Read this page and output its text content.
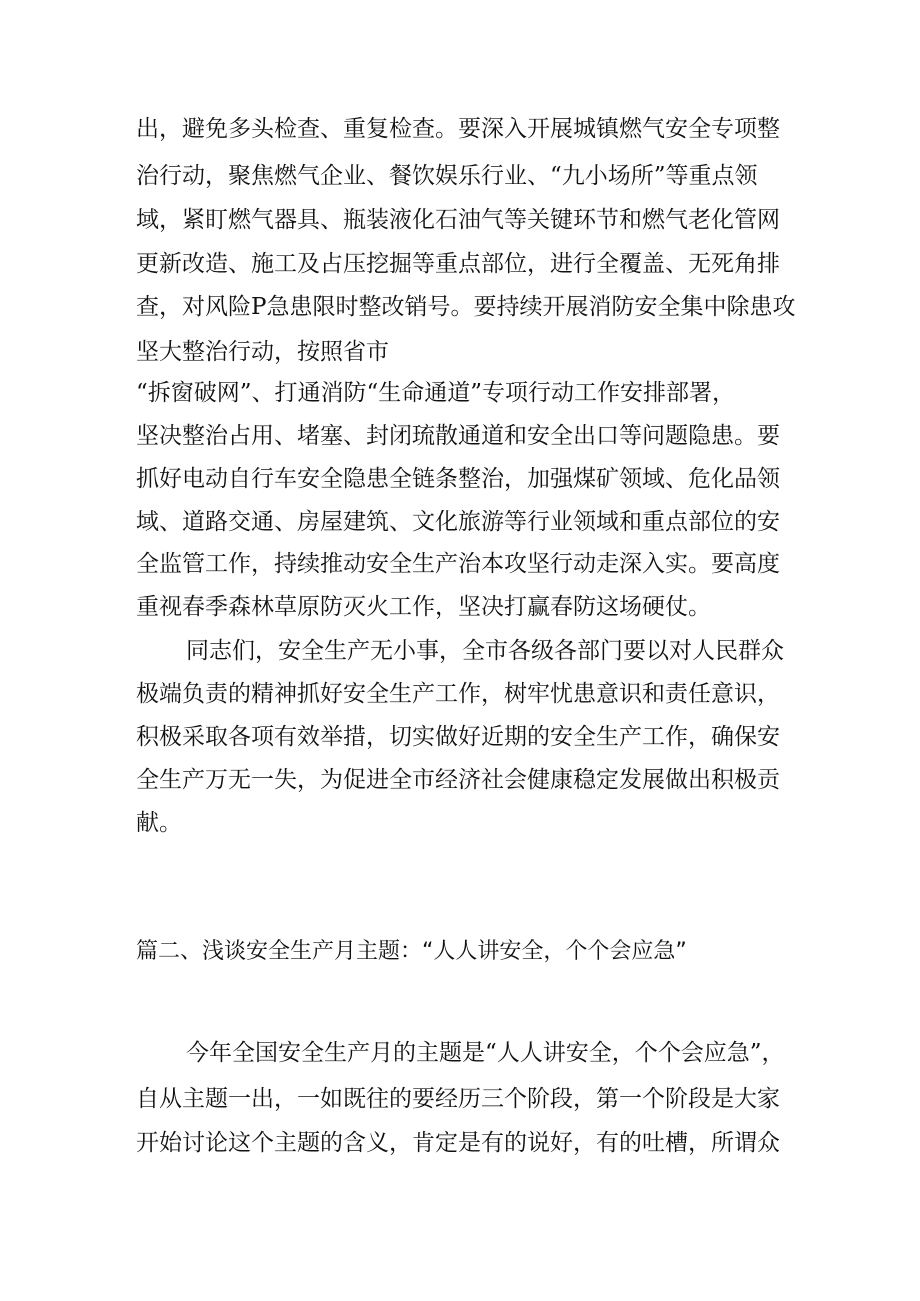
出，避免多头检查、重复检查。要深入开展城镇燃气安全专项整
治行动，聚焦燃气企业、餐饮娱乐行业、“九小场所”等重点领
域，紧盯燃气器具、瓶装液化石油气等关键环节和燃气老化管网
更新改造、施工及占压挖掘等重点部位，进行全覆盖、无死角排
查，对风险P急患限时整改销号。要持续开展消防安全集中除患攻
坚大整治行动，按照省市
“拆窗破网”、打通消防“生命通道”专项行动工作安排部署，
坚决整治占用、堵塞、封闭琉散通道和安全出口等问题隐患。要
抓好电动自行车安全隐患全链条整治，加强煤矿领域、危化品领
域、道路交通、房屋建筑、文化旅游等行业领域和重点部位的安
全监管工作，持续推动安全生产治本攻坚行动走深入实。要高度
重视春季森林草原防灭火工作，坚决打赢春防这场硬仗。
同志们，安全生产无小事，全市各级各部门要以对人民群众
极端负责的精神抓好安全生产工作，树牢忧患意识和责任意识，
积极采取各项有效举措，切实做好近期的安全生产工作，确保安
全生产万无一失，为促进全市经济社会健康稳定发展做出积极贡
献。
篇二、浅谈安全生产月主题：“人人讲安全，个个会应急”
今年全国安全生产月的主题是“人人讲安全，个个会应急”，
自从主题一出，一如既往的要经历三个阶段，第一个阶段是大家
开始讨论这个主题的含义，肯定是有的说好，有的吐槽，所谓众
